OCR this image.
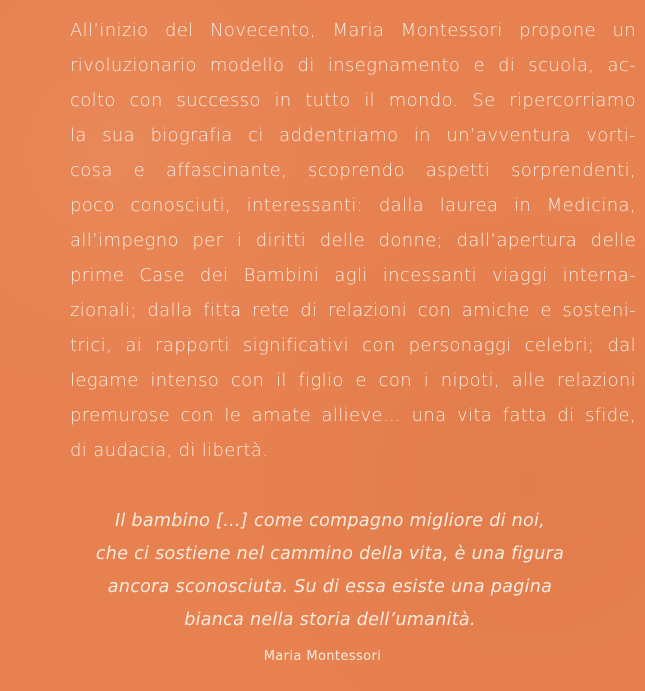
All’inizio del Novecento, Maria Montessori propone un
rivoluzionario modello di insegnamento e di scuola, ac-
colto con successo in tutto il mondo. Se ripercorriamo
la sua biografia ci addentriamo in un’avventura vorti-
cosa e affascinante, scoprendo aspetti sorprendenti,
poco conosciuti, interessanti: dalla laurea in Medicina,
all’impegno per i diritti delle donne; dall’apertura delle
prime Case dei Bambini agli incessanti viaggi interna-
zionali; dalla fitta rete di relazioni con amiche e sosteni-
trici, ai rapporti significativi con personaggi celebri; dal
legame intenso con il figlio e con i nipoti, alle relazioni
premurose con le amate allieve… una vita fatta di sfide,
di audacia, di libertà.

Il bambino […] come compagno migliore di noi,
che ci sostiene nel cammino della vita, è una figura
ancora sconosciuta. Su di essa esiste una pagina
bianca nella storia dell’umanità.
Maria Montessori
